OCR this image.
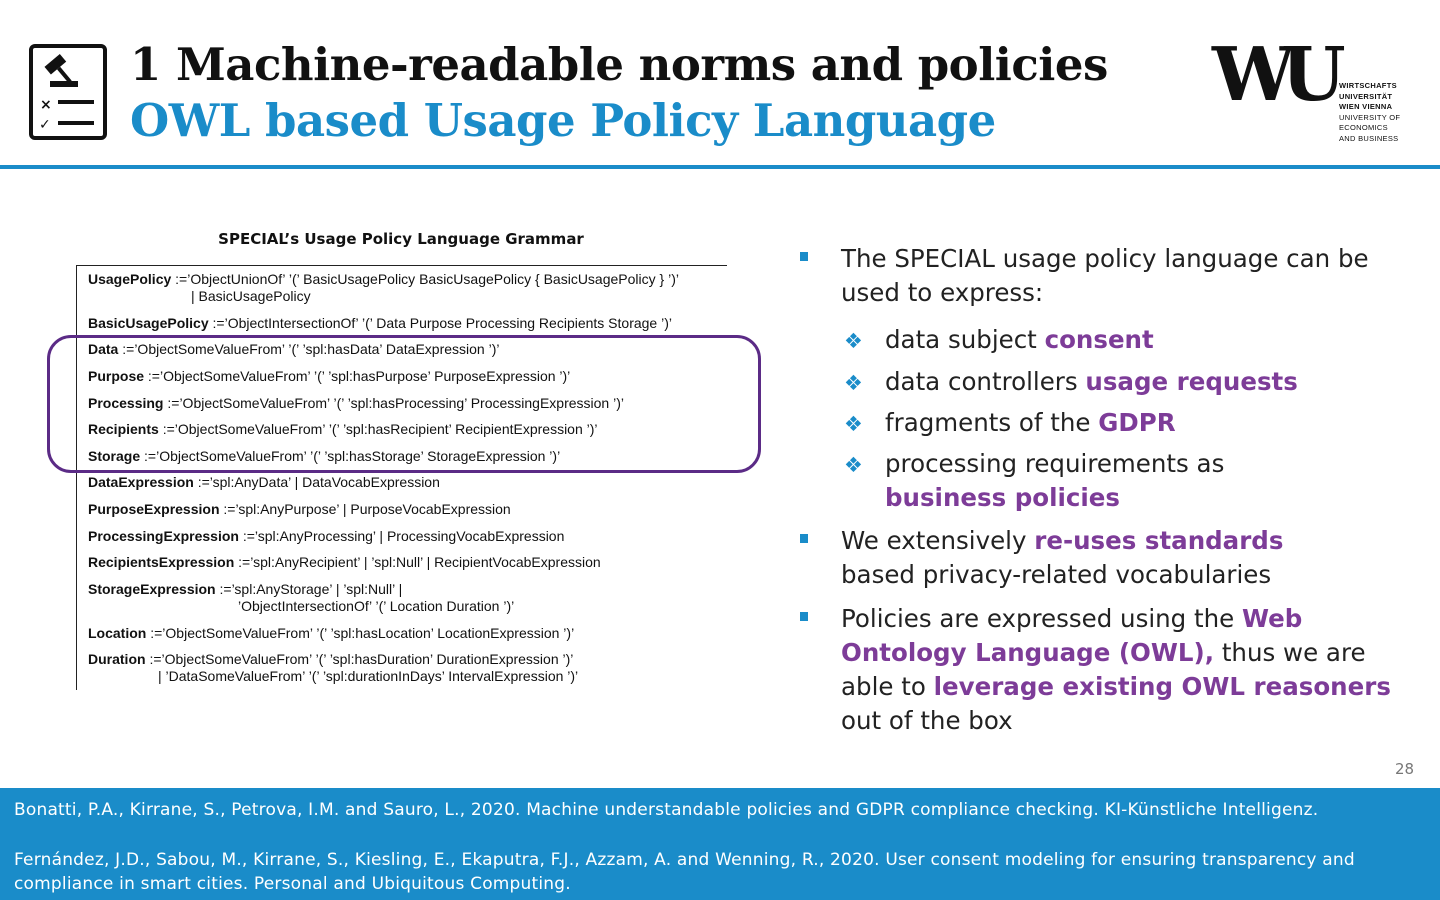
×
✓
1 Machine-readable norms and policies
OWL based Usage Policy Language
WU WIRTSCHAFTS
UNIVERSITÄT
WIEN VIENNA
UNIVERSITY OF
ECONOMICS
AND BUSINESS
SPECIAL’s Usage Policy Language Grammar
UsagePolicy :=’ObjectUnionOf’ ’(’ BasicUsagePolicy BasicUsagePolicy { BasicUsagePolicy } ’)’
| BasicUsagePolicy
BasicUsagePolicy :=’ObjectIntersectionOf’ ’(’ Data Purpose Processing Recipients Storage ’)’
Data :=’ObjectSomeValueFrom’ ’(’ ’spl:hasData’ DataExpression ’)’
Purpose :=’ObjectSomeValueFrom’ ’(’ ’spl:hasPurpose’ PurposeExpression ’)’
Processing :=’ObjectSomeValueFrom’ ’(’ ’spl:hasProcessing’ ProcessingExpression ’)’
Recipients :=’ObjectSomeValueFrom’ ’(’ ’spl:hasRecipient’ RecipientExpression ’)’
Storage :=’ObjectSomeValueFrom’ ’(’ ’spl:hasStorage’ StorageExpression ’)’
DataExpression :=’spl:AnyData’ | DataVocabExpression
PurposeExpression :=’spl:AnyPurpose’ | PurposeVocabExpression
ProcessingExpression :=’spl:AnyProcessing’ | ProcessingVocabExpression
RecipientsExpression :=’spl:AnyRecipient’ | ’spl:Null’ | RecipientVocabExpression
StorageExpression :=’spl:AnyStorage’ | ’spl:Null’ |
’ObjectIntersectionOf’ ’(’ Location Duration ’)’
Location :=’ObjectSomeValueFrom’ ’(’ ’spl:hasLocation’ LocationExpression ’)’
Duration :=’ObjectSomeValueFrom’ ’(’ ’spl:hasDuration’ DurationExpression ’)’
| ’DataSomeValueFrom’ ’(’ ’spl:durationInDays’ IntervalExpression ’)’
The SPECIAL usage policy language can be used to express:
❖ data subject consent
❖ data controllers usage requests
❖ fragments of the GDPR
❖ processing requirements as business policies
We extensively re-uses standards based privacy-related vocabularies
Policies are expressed using the Web Ontology Language (OWL), thus we are able to leverage existing OWL reasoners out of the box
28
Bonatti, P.A., Kirrane, S., Petrova, I.M. and Sauro, L., 2020. Machine understandable policies and GDPR compliance checking. KI-Künstliche Intelligenz.
Fernández, J.D., Sabou, M., Kirrane, S., Kiesling, E., Ekaputra, F.J., Azzam, A. and Wenning, R., 2020. User consent modeling for ensuring transparency and compliance in smart cities. Personal and Ubiquitous Computing.
